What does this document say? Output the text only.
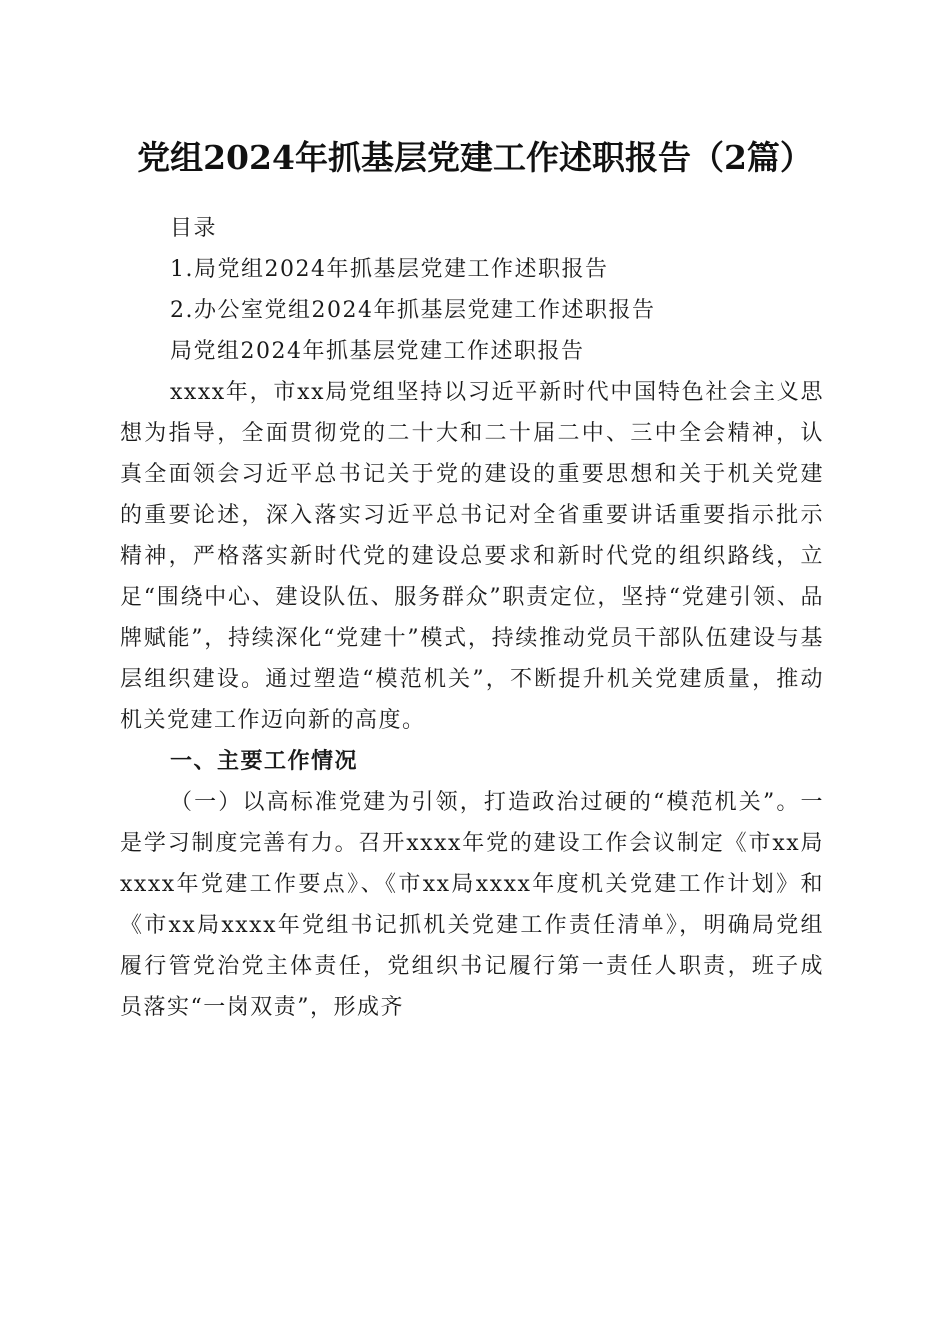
党组2024年抓基层党建工作述职报告（2篇）

目录

1.局党组2024年抓基层党建工作述职报告

2.办公室党组2024年抓基层党建工作述职报告

局党组2024年抓基层党建工作述职报告

xxxx年，市xx局党组坚持以习近平新时代中国特色社会主义思想为指导，全面贯彻党的二十大和二十届二中、三中全会精神，认真全面领会习近平总书记关于党的建设的重要思想和关于机关党建的重要论述，深入落实习近平总书记对全省重要讲话重要指示批示精神，严格落实新时代党的建设总要求和新时代党的组织路线，立足“围绕中心、建设队伍、服务群众”职责定位，坚持“党建引领、品牌赋能”，持续深化“党建十”模式，持续推动党员干部队伍建设与基层组织建设。通过塑造“模范机关”，不断提升机关党建质量，推动机关党建工作迈向新的高度。

一、主要工作情况

（一）以高标准党建为引领，打造政治过硬的“模范机关”。一是学习制度完善有力。召开xxxx年党的建设工作会议制定《市xx局xxxx年党建工作要点》、《市xx局xxxx年度机关党建工作计划》和《市xx局xxxx年党组书记抓机关党建工作责任清单》，明确局党组履行管党治党主体责任，党组织书记履行第一责任人职责，班子成员落实“一岗双责”，形成齐
